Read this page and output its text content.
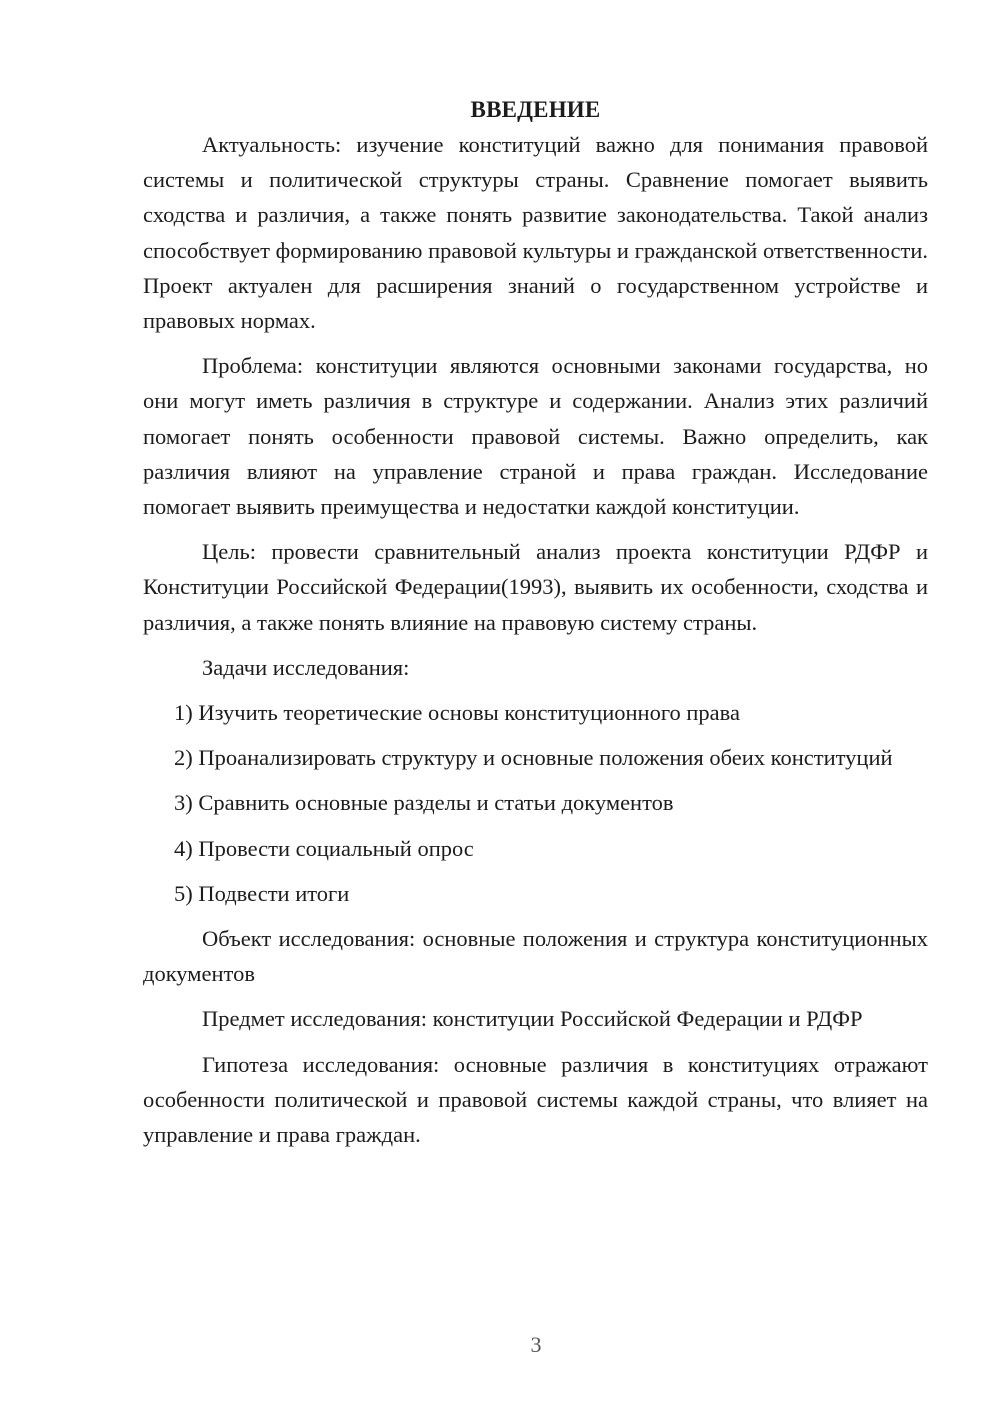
ВВЕДЕНИЕ

Актуальность: изучение конституций важно для понимания правовой системы и политической структуры страны. Сравнение помогает выявить сходства и различия, а также понять развитие законодательства. Такой анализ способствует формированию правовой культуры и гражданской ответственности. Проект актуален для расширения знаний о государственном устройстве и правовых нормах.

Проблема: конституции являются основными законами государства, но они могут иметь различия в структуре и содержании. Анализ этих различий помогает понять особенности правовой системы. Важно определить, как различия влияют на управление страной и права граждан. Исследование помогает выявить преимущества и недостатки каждой конституции.

Цель: провести сравнительный анализ проекта конституции РДФР и Конституции Российской Федерации(1993), выявить их особенности, сходства и различия, а также понять влияние на правовую систему страны.

Задачи исследования:

1) Изучить теоретические основы конституционного права

2) Проанализировать структуру и основные положения обеих конституций

3) Сравнить основные разделы и статьи документов

4) Провести социальный опрос

5) Подвести итоги

Объект исследования: основные положения и структура конституционных документов

Предмет исследования: конституции Российской Федерации и РДФР

Гипотеза исследования: основные различия в конституциях отражают особенности политической и правовой системы каждой страны, что влияет на управление и права граждан.

3
